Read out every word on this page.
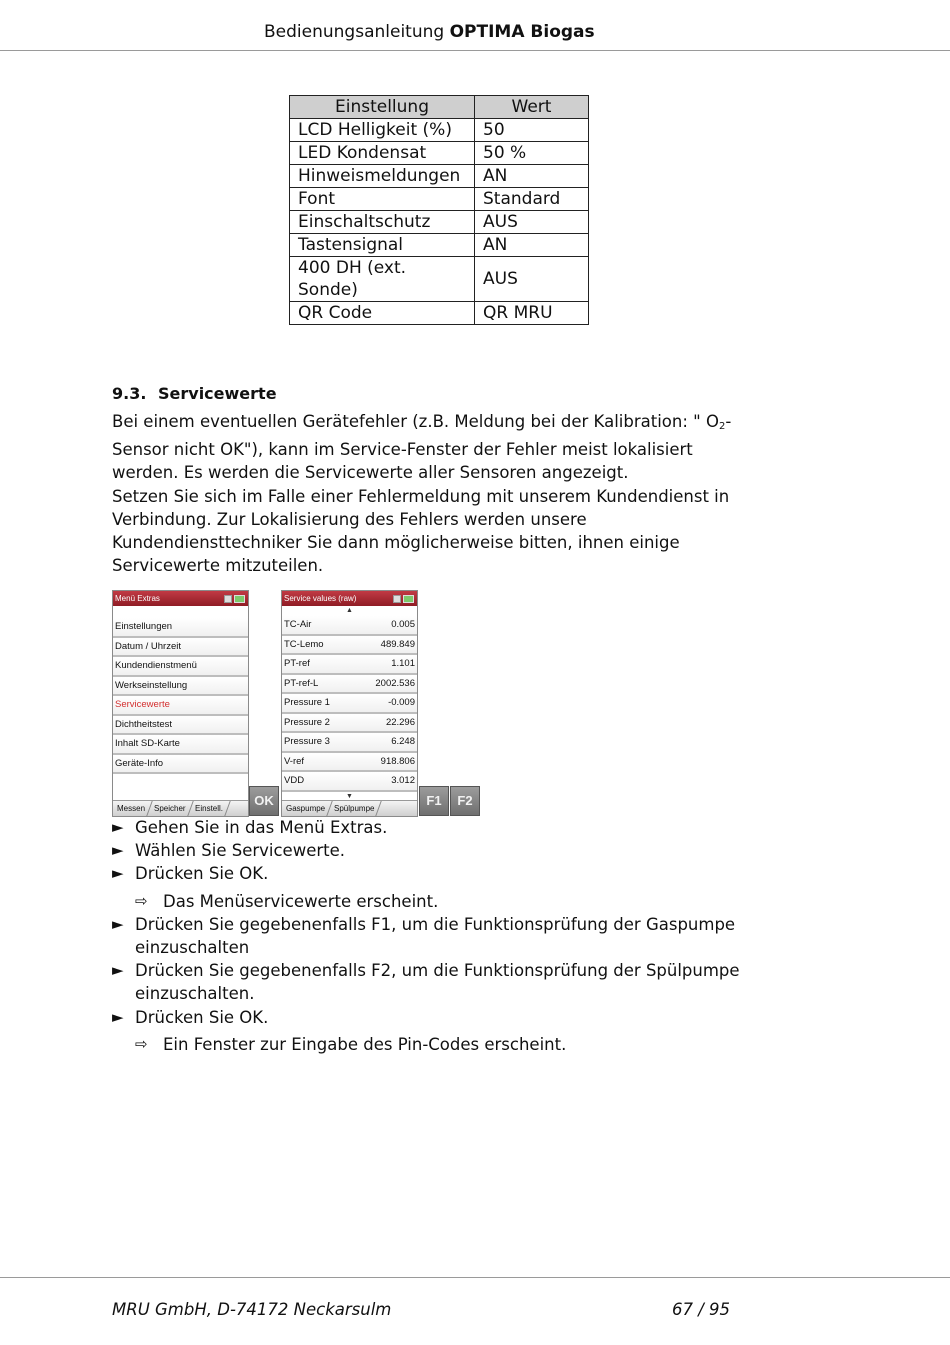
Bedienungsanleitung OPTIMA Biogas
Einstellung	Wert
LCD Helligkeit (%)	50
LED Kondensat	50 %
Hinweismeldungen	AN
Font	Standard
Einschaltschutz	AUS
Tastensignal	AN
400 DH (ext. Sonde)	AUS
QR Code	QR MRU
9.3. Servicewerte

Bei einem eventuellen Gerätefehler (z.B. Meldung bei der Kalibration: " $O_2$-Sensor nicht OK"), kann im Service-Fenster der Fehler meist lokalisiert werden. Es werden die Servicewerte aller Sensoren angezeigt.

Setzen Sie sich im Falle einer Fehlermeldung mit unserem Kundendienst in Verbindung. Zur Lokalisierung des Fehlers werden unsere Kundendiensttechniker Sie dann möglicherweise bitten, ihnen einige Servicewerte mitzuteilen.

Menü Extras
Einstellungen
Datum / Uhrzeit
Kundendienstmenü
Werkseinstellung
Servicewerte
Dichtheitstest
Inhalt SD-Karte
Geräte-Info
Messen	Speicher	Einstell.
OK
Service values (raw)
▲
TC-Air	0.005
TC-Lemo	489.849
PT-ref	1.101
PT-ref-L	2002.536
Pressure 1	-0.009
Pressure 2	22.296
Pressure 3	6.248
V-ref	918.806
VDD	3.012
▼
Gaspumpe	Spülpumpe
F1	F2
► Gehen Sie in das Menü Extras.
► Wählen Sie Servicewerte.
► Drücken Sie OK.
⇨ Das Menüservicewerte erscheint.
► Drücken Sie gegebenenfalls F1, um die Funktionsprüfung der Gaspumpe einzuschalten
► Drücken Sie gegebenenfalls F2, um die Funktionsprüfung der Spülpumpe einzuschalten.
► Drücken Sie OK.
⇨ Ein Fenster zur Eingabe des Pin-Codes erscheint.
MRU GmbH, D-74172 Neckarsulm	67 / 95
